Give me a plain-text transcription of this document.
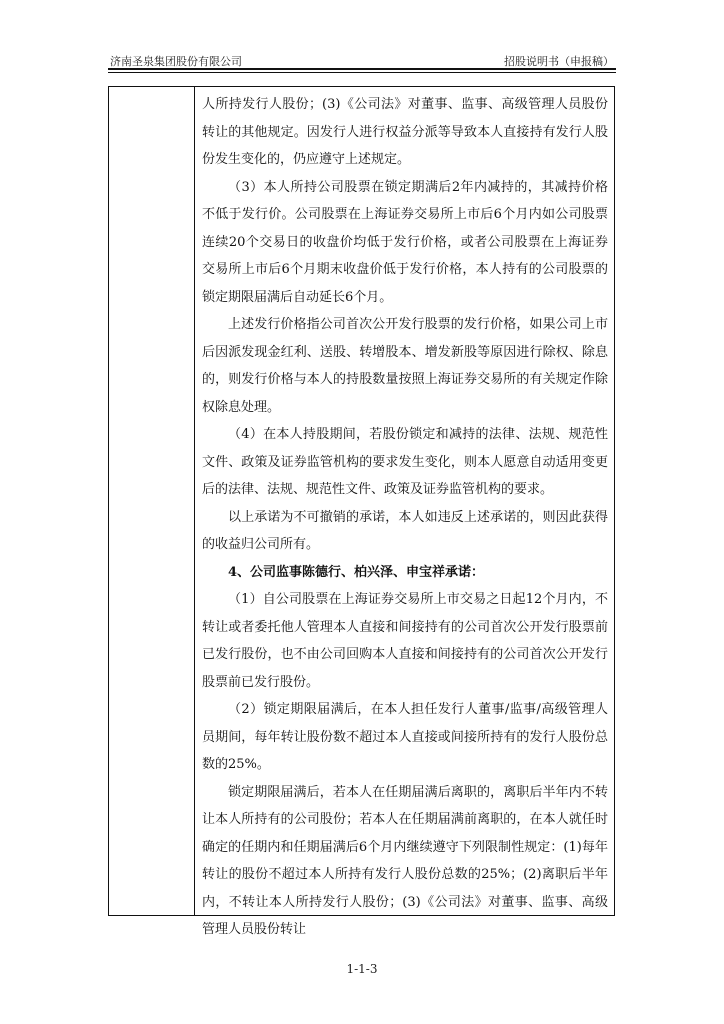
济南圣泉集团股份有限公司	招股说明书（申报稿）

人所持发行人股份；(3)《公司法》对董事、监事、高级管理人员股份转让的其他规定。因发行人进行权益分派等导致本人直接持有发行人股份发生变化的，仍应遵守上述规定。

（3）本人所持公司股票在锁定期满后2年内减持的，其减持价格不低于发行价。公司股票在上海证券交易所上市后6个月内如公司股票连续20个交易日的收盘价均低于发行价格，或者公司股票在上海证券交易所上市后6个月期末收盘价低于发行价格，本人持有的公司股票的锁定期限届满后自动延长6个月。

上述发行价格指公司首次公开发行股票的发行价格，如果公司上市后因派发现金红利、送股、转增股本、增发新股等原因进行除权、除息的，则发行价格与本人的持股数量按照上海证券交易所的有关规定作除权除息处理。

（4）在本人持股期间，若股份锁定和减持的法律、法规、规范性文件、政策及证券监管机构的要求发生变化，则本人愿意自动适用变更后的法律、法规、规范性文件、政策及证券监管机构的要求。

以上承诺为不可撤销的承诺，本人如违反上述承诺的，则因此获得的收益归公司所有。

4、公司监事陈德行、柏兴泽、申宝祥承诺：

（1）自公司股票在上海证券交易所上市交易之日起12个月内，不转让或者委托他人管理本人直接和间接持有的公司首次公开发行股票前已发行股份，也不由公司回购本人直接和间接持有的公司首次公开发行股票前已发行股份。

（2）锁定期限届满后，在本人担任发行人董事/监事/高级管理人员期间，每年转让股份数不超过本人直接或间接所持有的发行人股份总数的25%。

锁定期限届满后，若本人在任期届满后离职的，离职后半年内不转让本人所持有的公司股份；若本人在任期届满前离职的，在本人就任时确定的任期内和任期届满后6个月内继续遵守下列限制性规定：(1)每年转让的股份不超过本人所持有发行人股份总数的25%；(2)离职后半年内，不转让本人所持发行人股份；(3)《公司法》对董事、监事、高级管理人员股份转让

1-1-3
